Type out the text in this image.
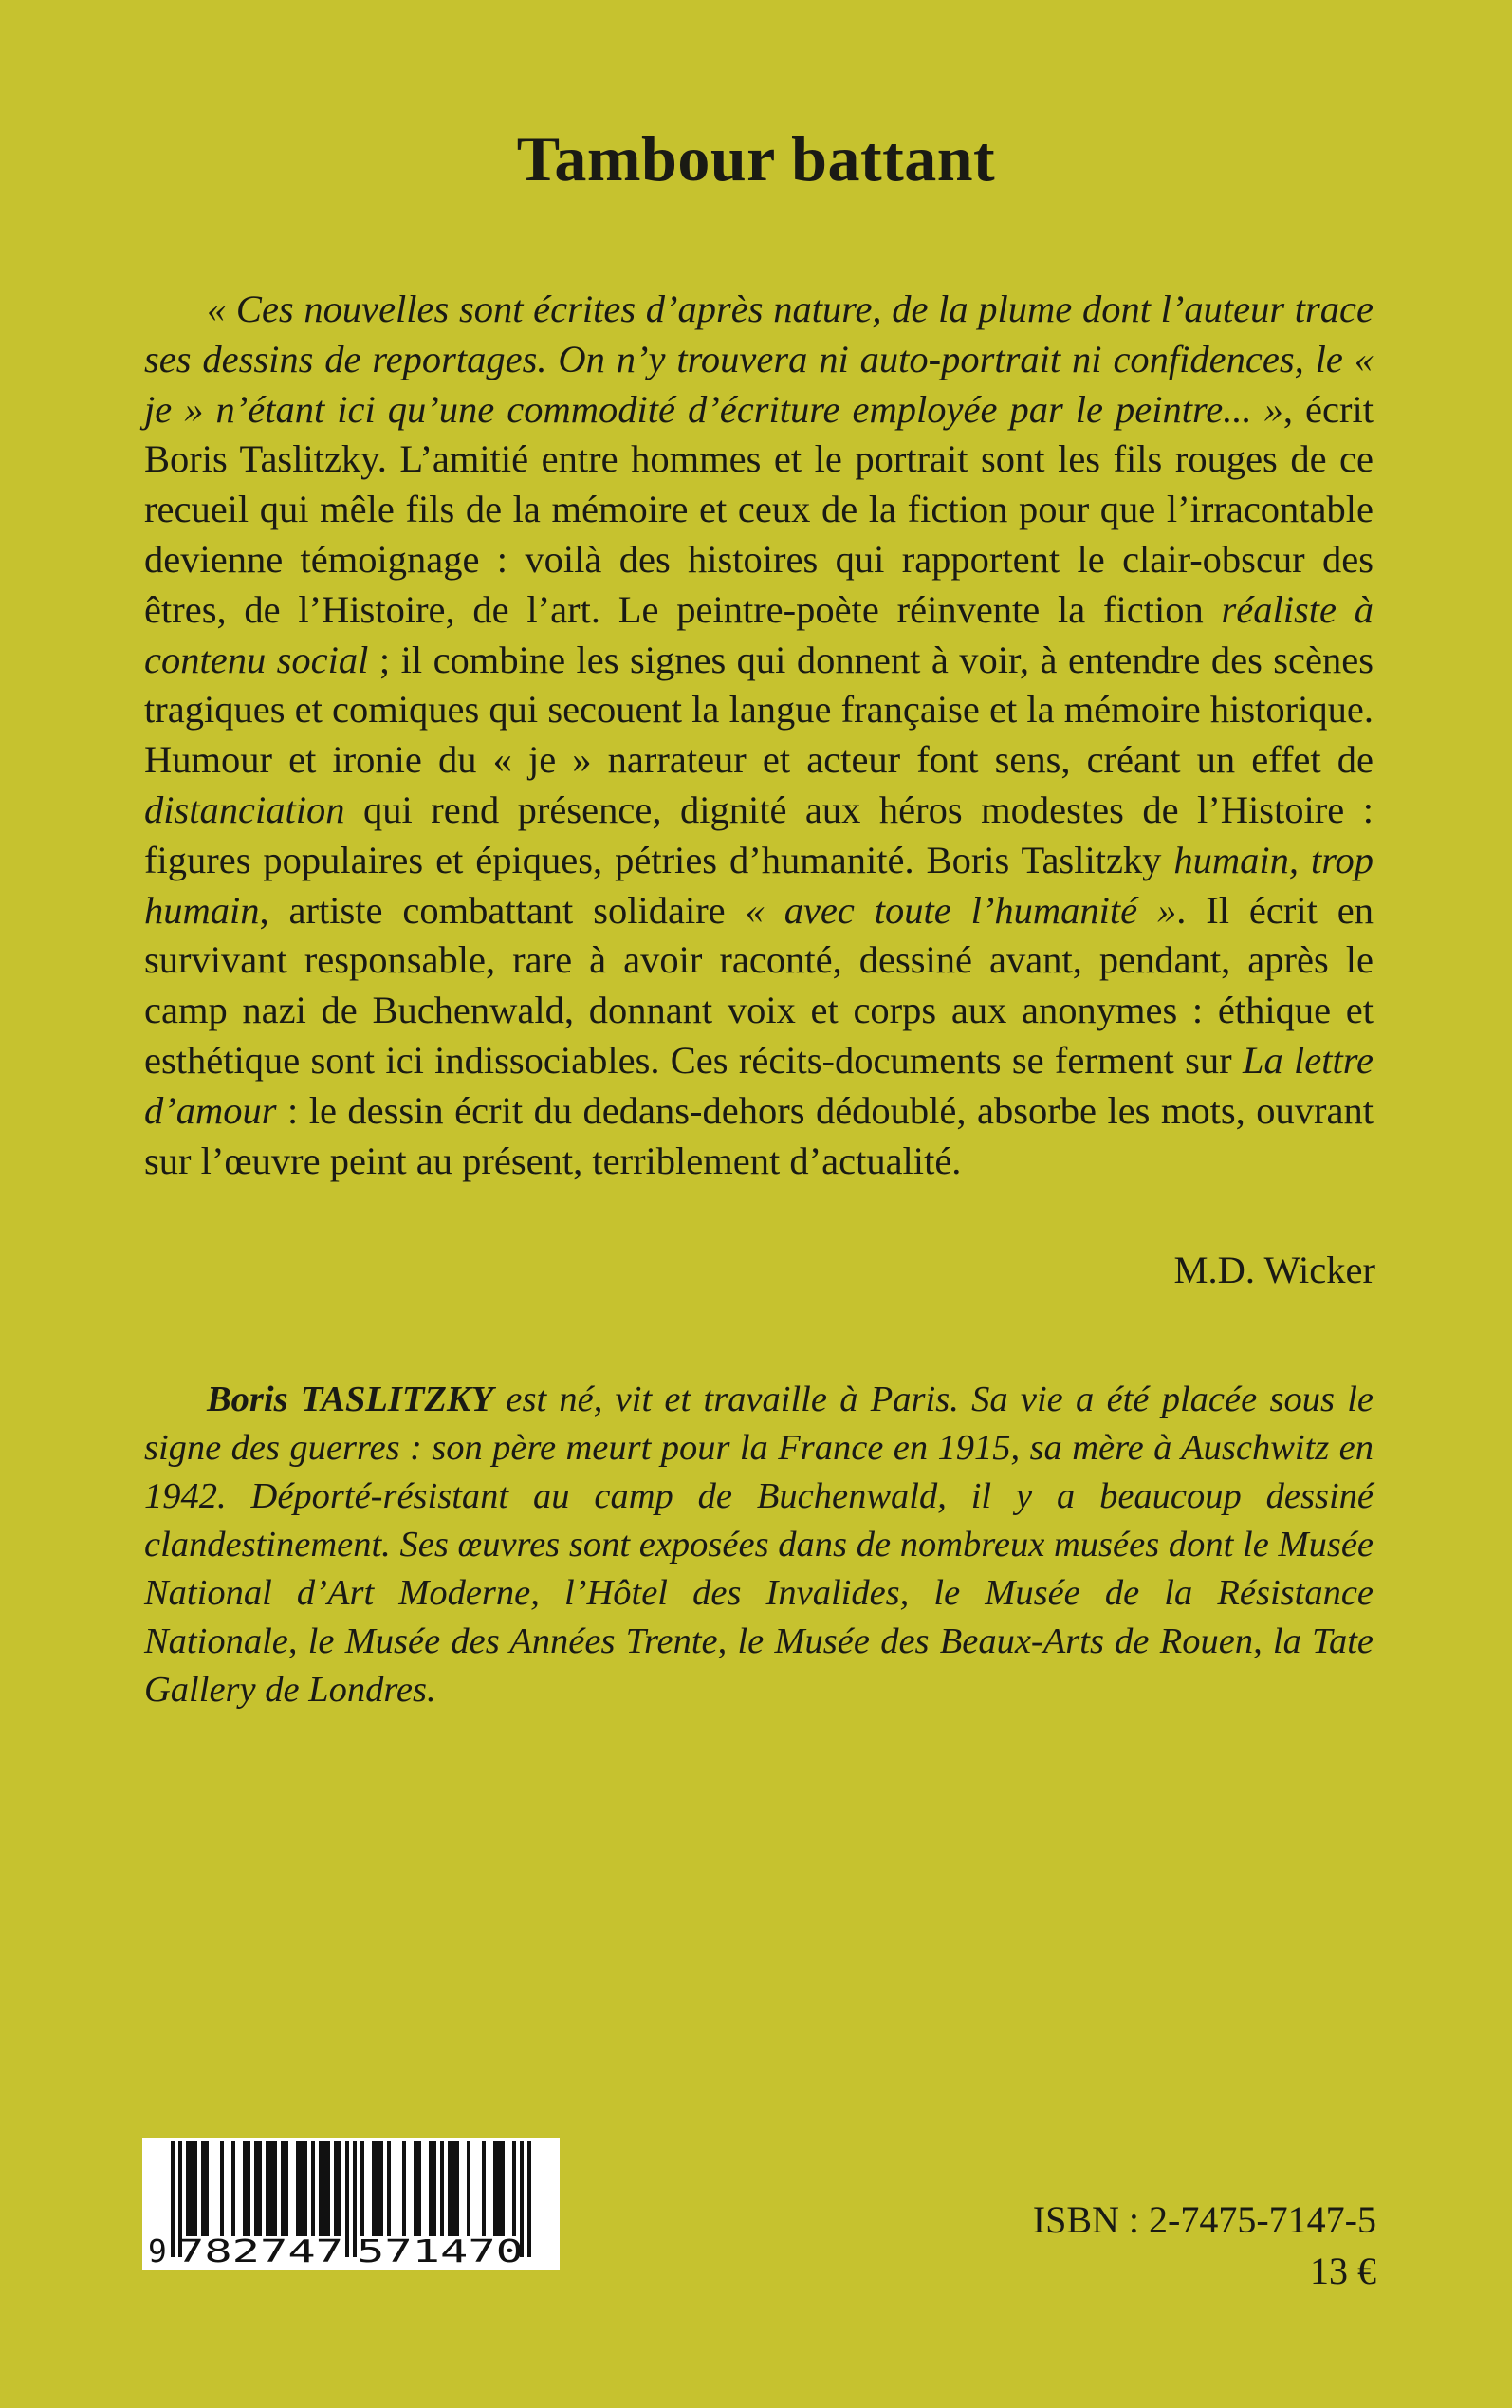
Tambour battant

« Ces nouvelles sont écrites d’après nature, de la plume dont l’auteur trace ses dessins de reportages. On n’y trouvera ni auto-portrait ni confidences, le « je » n’étant ici qu’une commodité d’écriture employée par le peintre... », écrit Boris Taslitzky. L’amitié entre hommes et le portrait sont les fils rouges de ce recueil qui mêle fils de la mémoire et ceux de la fiction pour que l’irracontable devienne témoignage : voilà des histoires qui rapportent le clair-obscur des êtres, de l’Histoire, de l’art. Le peintre-poète réinvente la fiction réaliste à contenu social ; il combine les signes qui donnent à voir, à entendre des scènes tragiques et comiques qui secouent la langue française et la mémoire historique. Humour et ironie du « je » narrateur et acteur font sens, créant un effet de distanciation qui rend présence, dignité aux héros modestes de l’Histoire : figures populaires et épiques, pétries d’humanité. Boris Taslitzky humain, trop humain, artiste combattant solidaire « avec toute l’humanité ». Il écrit en survivant responsable, rare à avoir raconté, dessiné avant, pendant, après le camp nazi de Buchenwald, donnant voix et corps aux anonymes : éthique et esthétique sont ici indissociables. Ces récits-documents se ferment sur La lettre d’amour : le dessin écrit du dedans-dehors dédoublé, absorbe les mots, ouvrant sur l’œuvre peint au présent, terriblement d’actualité.

M.D. Wicker

Boris TASLITZKY est né, vit et travaille à Paris. Sa vie a été placée sous le signe des guerres : son père meurt pour la France en 1915, sa mère à Auschwitz en 1942. Déporté-résistant au camp de Buchenwald, il y a beaucoup dessiné clandestinement. Ses œuvres sont exposées dans de nombreux musées dont le Musée National d’Art Moderne, l’Hôtel des Invalides, le Musée de la Résistance Nationale, le Musée des Années Trente, le Musée des Beaux-Arts de Rouen, la Tate Gallery de Londres.

9 782747 571470

ISBN : 2-7475-7147-5

13 €
